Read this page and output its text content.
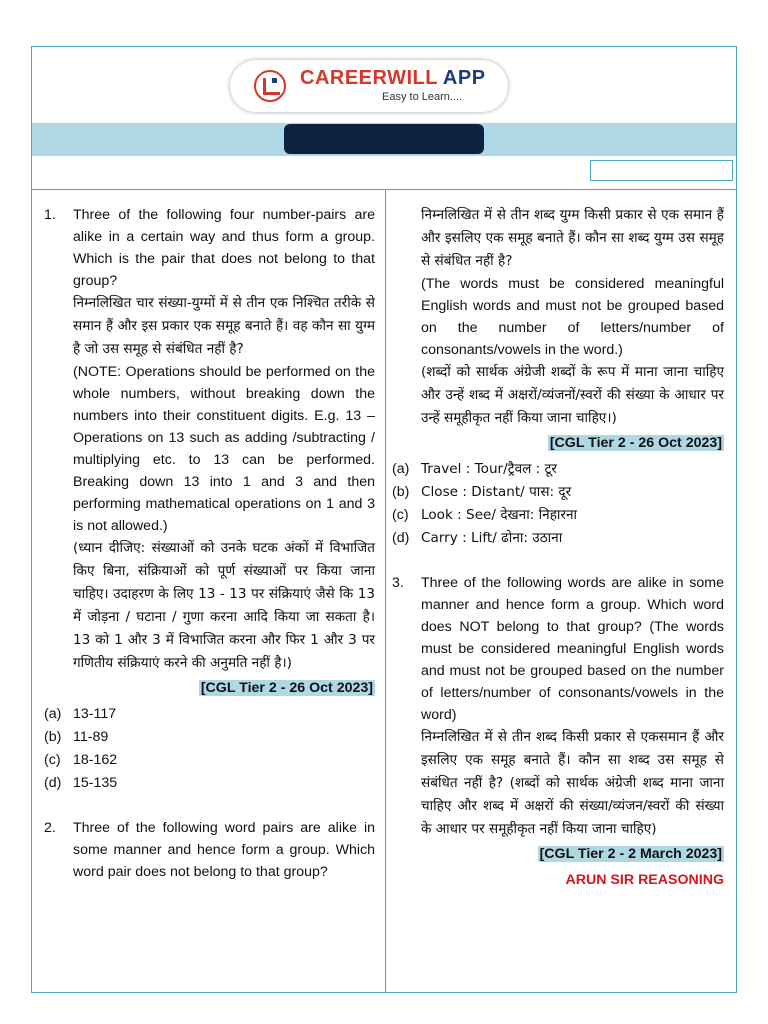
CAREERWILL APP
Easy to Learn....
1. Three of the following four number-pairs are alike in a certain way and thus form a group. Which is the pair that does not belong to that group?

निम्नलिखित चार संख्या-युग्मों में से तीन एक निश्चित तरीके से समान हैं और इस प्रकार एक समूह बनाते हैं। वह कौन सा युग्म है जो उस समूह से संबंधित नहीं है?

(NOTE: Operations should be performed on the whole numbers, without breaking down the numbers into their constituent digits. E.g. 13 – Operations on 13 such as adding /subtracting / multiplying etc. to 13 can be performed. Breaking down 13 into 1 and 3 and then performing mathematical operations on 1 and 3 is not allowed.)

(ध्यान दीजिए: संख्याओं को उनके घटक अंकों में विभाजित किए बिना, संक्रियाओं को पूर्ण संख्याओं पर किया जाना चाहिए। उदाहरण के लिए 13 - 13 पर संक्रियाएं जैसे कि 13 में जोड़ना / घटाना / गुणा करना आदि किया जा सकता है। 13 को 1 और 3 में विभाजित करना और फिर 1 और 3 पर गणितीय संक्रियाएं करने की अनुमति नहीं है।)

[CGL Tier 2 - 26 Oct 2023]

(a) 13-117

(b) 11-89

(c) 18-162

(d) 15-135

2. Three of the following word pairs are alike in some manner and hence form a group. Which word pair does not belong to that group?

निम्नलिखित में से तीन शब्द युग्म किसी प्रकार से एक समान हैं और इसलिए एक समूह बनाते हैं। कौन सा शब्द युग्म उस समूह से संबंधित नहीं है?

(The words must be considered meaningful English words and must not be grouped based on the number of letters/number of consonants/vowels in the word.)

(शब्दों को सार्थक अंग्रेजी शब्दों के रूप में माना जाना चाहिए और उन्हें शब्द में अक्षरों/व्यंजनों/स्वरों की संख्या के आधार पर उन्हें समूहीकृत नहीं किया जाना चाहिए।)

[CGL Tier 2 - 26 Oct 2023]

(a) Travel : Tour/ट्रैवल : टूर

(b) Close : Distant/ पास: दूर

(c) Look : See/ देखना: निहारना

(d) Carry : Lift/ ढोना: उठाना

3. Three of the following words are alike in some manner and hence form a group. Which word does NOT belong to that group? (The words must be considered meaningful English words and must not be grouped based on the number of letters/number of consonants/vowels in the word)

निम्नलिखित में से तीन शब्द किसी प्रकार से एकसमान हैं और इसलिए एक समूह बनाते हैं। कौन सा शब्द उस समूह से संबंधित नहीं है? (शब्दों को सार्थक अंग्रेजी शब्द माना जाना चाहिए और शब्द में अक्षरों की संख्या/व्यंजन/स्वरों की संख्या के आधार पर समूहीकृत नहीं किया जाना चाहिए)

[CGL Tier 2 - 2 March 2023]

ARUN SIR REASONING
